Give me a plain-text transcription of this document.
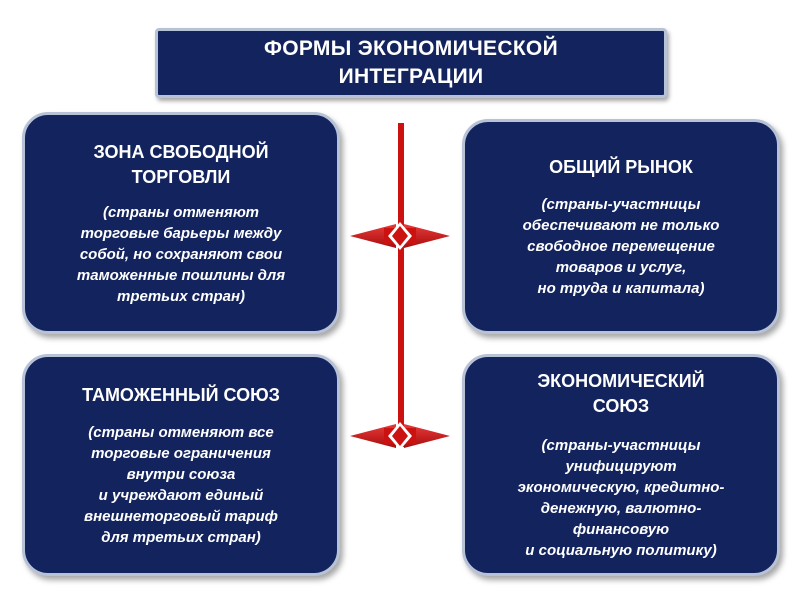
ФОРМЫ ЭКОНОМИЧЕСКОЙ
ИНТЕГРАЦИИ
ЗОНА СВОБОДНОЙ
ТОРГОВЛИ
(страны отменяют
торговые барьеры между
собой, но сохраняют свои
таможенные пошлины для
третьих стран)
ОБЩИЙ РЫНОК
(страны-участницы
обеспечивают не только
свободное перемещение
товаров и услуг,
но труда и капитала)
ТАМОЖЕННЫЙ СОЮЗ
(страны отменяют все
торговые ограничения
внутри союза
и учреждают единый
внешнеторговый тариф
для третьих стран)
ЭКОНОМИЧЕСКИЙ
СОЮЗ
(страны-участницы
унифицируют
экономическую, кредитно-
денежную, валютно-
финансовую
и социальную политику)
